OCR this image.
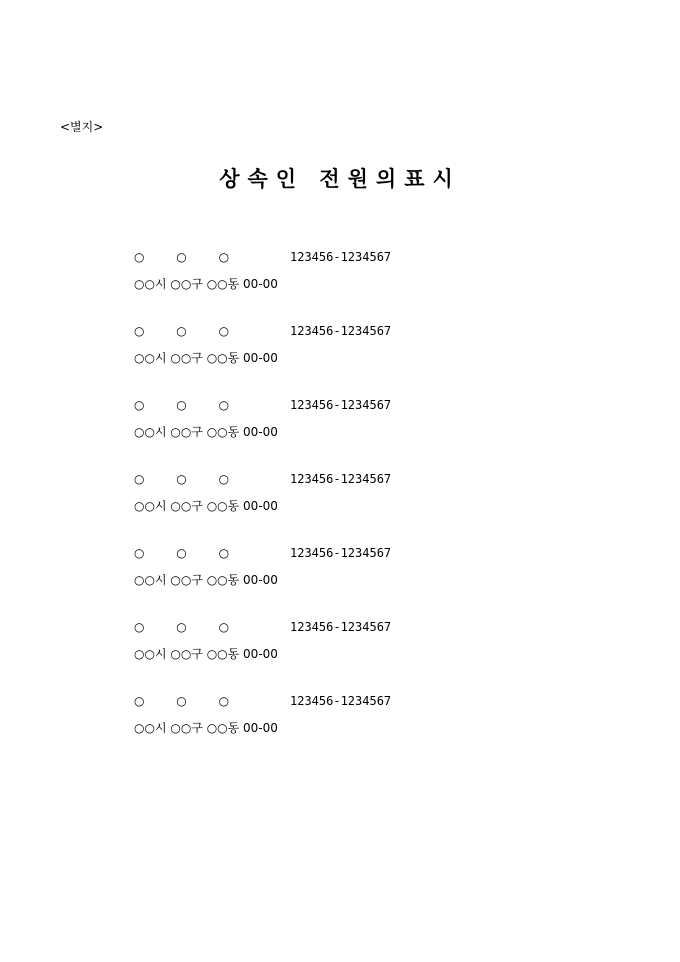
<별지>
상속인 전원의표시
○ ○ ○	123456-1234567
○○시 ○○구 ○○동 00-00
○ ○ ○	123456-1234567
○○시 ○○구 ○○동 00-00
○ ○ ○	123456-1234567
○○시 ○○구 ○○동 00-00
○ ○ ○	123456-1234567
○○시 ○○구 ○○동 00-00
○ ○ ○	123456-1234567
○○시 ○○구 ○○동 00-00
○ ○ ○	123456-1234567
○○시 ○○구 ○○동 00-00
○ ○ ○	123456-1234567
○○시 ○○구 ○○동 00-00
